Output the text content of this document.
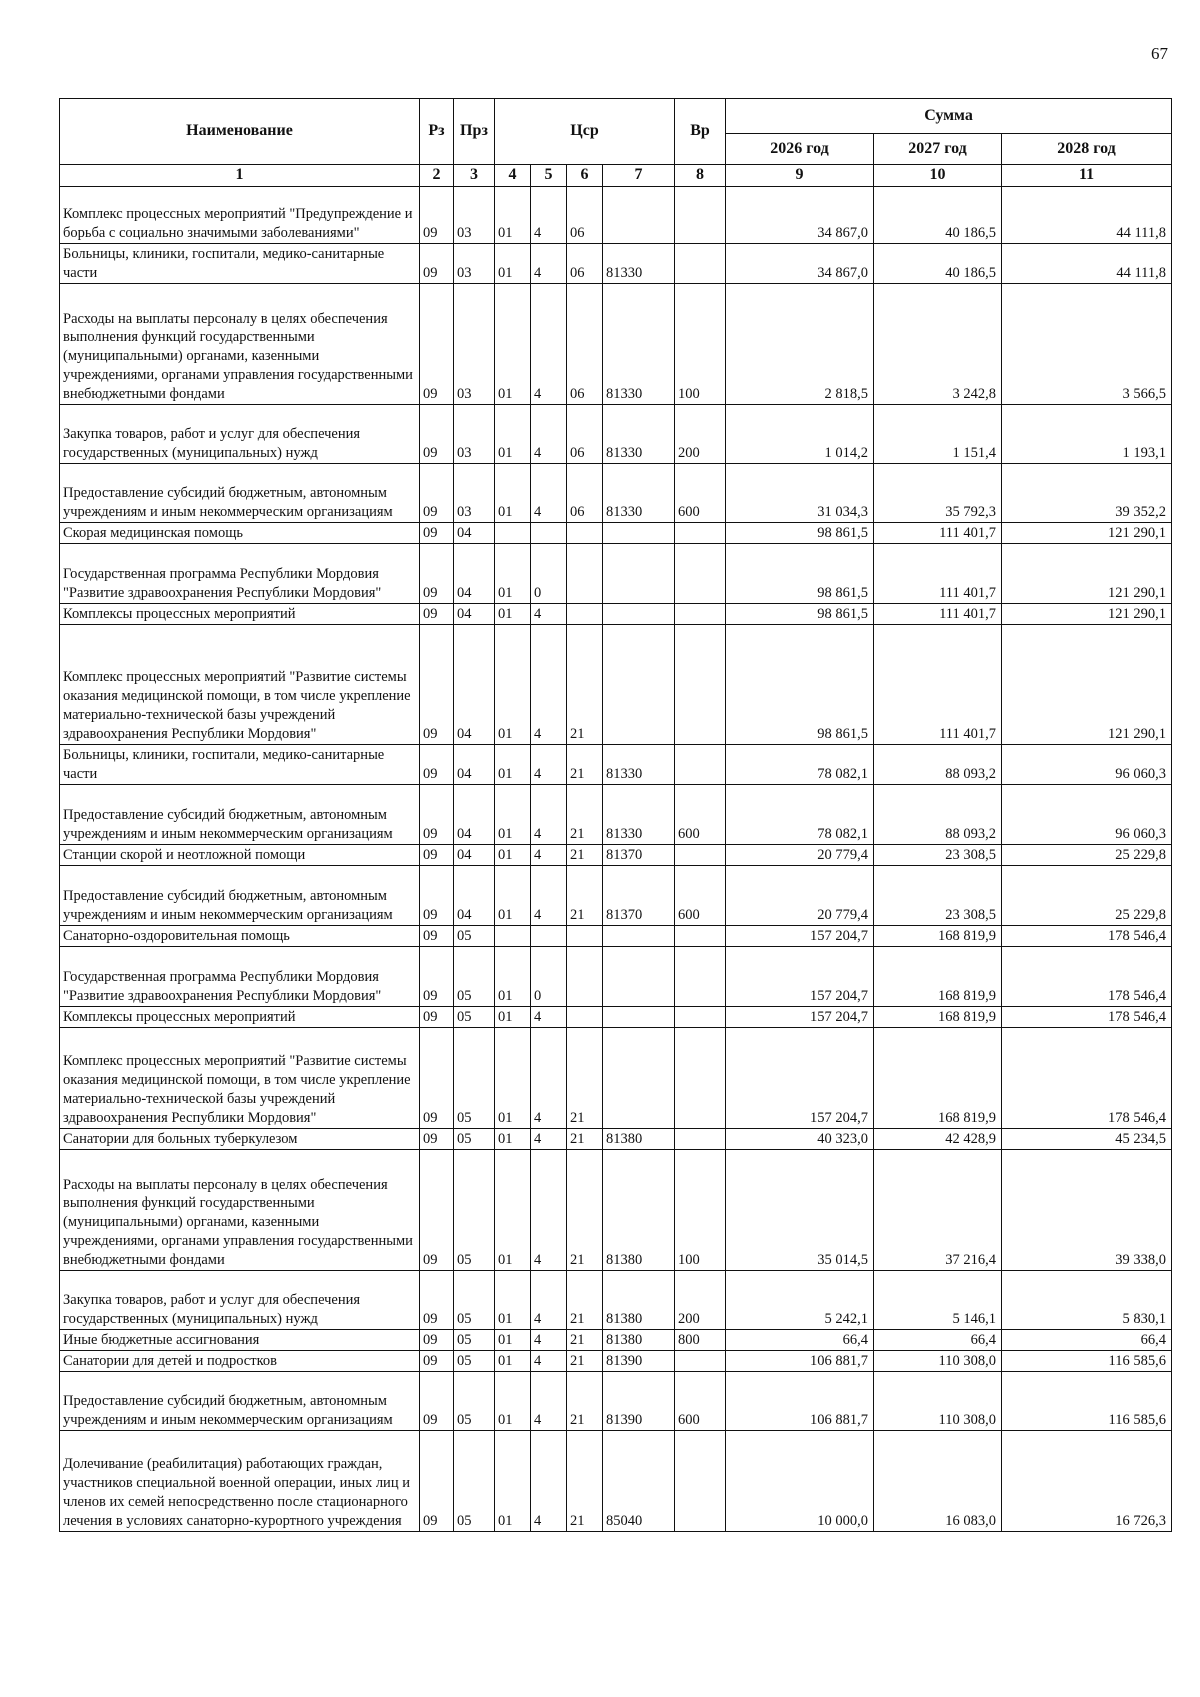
67
Наименование	Рз	Прз	Цср				Вр	Сумма		
								2026 год	2027 год	2028 год
1	2	3	4	5	6	7	8	9	10	11
Комплекс процессных мероприятий "Предупреждение и борьба с социально значимыми заболеваниями"	09	03	01	4	06			34 867,0	40 186,5	44 111,8
Больницы, клиники, госпитали, медико-санитарные части	09	03	01	4	06	81330		34 867,0	40 186,5	44 111,8
Расходы на выплаты персоналу в целях обеспечения выполнения функций государственными (муниципальными) органами, казенными учреждениями, органами управления государственными внебюджетными фондами	09	03	01	4	06	81330	100	2 818,5	3 242,8	3 566,5
Закупка товаров, работ и услуг для обеспечения государственных (муниципальных) нужд	09	03	01	4	06	81330	200	1 014,2	1 151,4	1 193,1
Предоставление субсидий бюджетным, автономным учреждениям и иным некоммерческим организациям	09	03	01	4	06	81330	600	31 034,3	35 792,3	39 352,2
Скорая медицинская помощь	09	04						98 861,5	111 401,7	121 290,1
Государственная программа Республики Мордовия "Развитие здравоохранения Республики Мордовия"	09	04	01	0				98 861,5	111 401,7	121 290,1
Комплексы процессных мероприятий	09	04	01	4				98 861,5	111 401,7	121 290,1
Комплекс процессных мероприятий "Развитие системы оказания медицинской помощи, в том числе укрепление материально-технической базы учреждений здравоохранения Республики Мордовия"	09	04	01	4	21			98 861,5	111 401,7	121 290,1
Больницы, клиники, госпитали, медико-санитарные части	09	04	01	4	21	81330		78 082,1	88 093,2	96 060,3
Предоставление субсидий бюджетным, автономным учреждениям и иным некоммерческим организациям	09	04	01	4	21	81330	600	78 082,1	88 093,2	96 060,3
Станции скорой и неотложной помощи	09	04	01	4	21	81370		20 779,4	23 308,5	25 229,8
Предоставление субсидий бюджетным, автономным учреждениям и иным некоммерческим организациям	09	04	01	4	21	81370	600	20 779,4	23 308,5	25 229,8
Санаторно-оздоровительная помощь	09	05						157 204,7	168 819,9	178 546,4
Государственная программа Республики Мордовия "Развитие здравоохранения Республики Мордовия"	09	05	01	0				157 204,7	168 819,9	178 546,4
Комплексы процессных мероприятий	09	05	01	4				157 204,7	168 819,9	178 546,4
Комплекс процессных мероприятий "Развитие системы оказания медицинской помощи, в том числе укрепление материально-технической базы учреждений здравоохранения Республики Мордовия"	09	05	01	4	21			157 204,7	168 819,9	178 546,4
Санатории для больных туберкулезом	09	05	01	4	21	81380		40 323,0	42 428,9	45 234,5
Расходы на выплаты персоналу в целях обеспечения выполнения функций государственными (муниципальными) органами, казенными учреждениями, органами управления государственными внебюджетными фондами	09	05	01	4	21	81380	100	35 014,5	37 216,4	39 338,0
Закупка товаров, работ и услуг для обеспечения государственных (муниципальных) нужд	09	05	01	4	21	81380	200	5 242,1	5 146,1	5 830,1
Иные бюджетные ассигнования	09	05	01	4	21	81380	800	66,4	66,4	66,4
Санатории для детей и подростков	09	05	01	4	21	81390		106 881,7	110 308,0	116 585,6
Предоставление субсидий бюджетным, автономным учреждениям и иным некоммерческим организациям	09	05	01	4	21	81390	600	106 881,7	110 308,0	116 585,6
Долечивание (реабилитация) работающих граждан, участников специальной военной операции, иных лиц и членов их семей непосредственно после стационарного лечения в условиях санаторно-курортного учреждения	09	05	01	4	21	85040		10 000,0	16 083,0	16 726,3
